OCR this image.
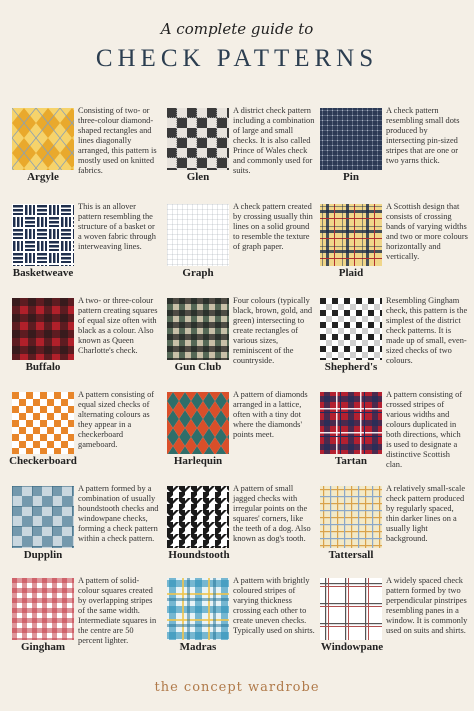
A complete guide to
CHECK PATTERNS
Consisting of two- or three-colour diamond-shaped rectangles and lines diagonally arranged, this pattern is mostly used on knitted fabrics.
Argyle
A district check pattern including a combination of large and small checks. It is also called Prince of Wales check and commonly used for suits.
Glen
A check pattern resembling small dots produced by intersecting pin-sized stripes that are one or two yarns thick.
Pin
This is an allover pattern resembling the structure of a basket or a woven fabric through interweaving lines.
Basketweave
A check pattern created by crossing usually thin lines on a solid ground to resemble the texture of graph paper.
Graph
A Scottish design that consists of crossing bands of varying widths and two or more colours horizontally and vertically.
Plaid
A two- or three-colour pattern creating squares of equal size often with black as a colour. Also known as Queen Charlotte's check.
Buffalo
Four colours (typically black, brown, gold, and green) intersecting to create rectangles of various sizes, reminiscent of the countryside.
Gun Club
Resembling Gingham check, this pattern is the simplest of the district check patterns. It is made up of small, even-sized checks of two colours.
Shepherd's
A pattern consisting of equal sized checks of alternating colours as they appear in a checkerboard gameboard.
Checkerboard
A pattern of diamonds arranged in a lattice, often with a tiny dot where the diamonds' points meet.
Harlequin
A pattern consisting of crossed stripes of various widths and colours duplicated in both directions, which is used to designate a distinctive Scottish clan.
Tartan
A pattern formed by a combination of usually houndstooth checks and windowpane checks, forming a check pattern within a check pattern.
Dupplin
A pattern of small jagged checks with irregular points on the squares' corners, like the teeth of a dog. Also known as dog's tooth.
Houndstooth
A relatively small-scale check pattern produced by regularly spaced, thin darker lines on a usually light background.
Tattersall
A pattern of solid-colour squares created by overlapping stripes of the same width. Intermediate squares in the centre are 50 percent lighter.
Gingham
A pattern with brightly coloured stripes of varying thickness crossing each other to create uneven checks. Typically used on shirts.
Madras
A widely spaced check pattern formed by two perpendicular pinstripes resembling panes in a window. It is commonly used on suits and shirts.
Windowpane
the concept wardrobe
